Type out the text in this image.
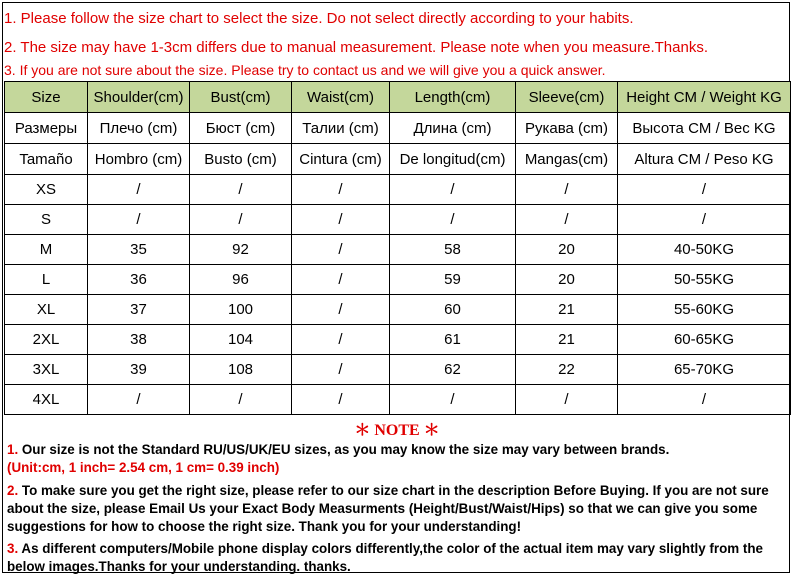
1. Please follow the size chart to select the size. Do not select directly according to your habits.
2. The size may have 1-3cm differs due to manual measurement. Please note when you measure.Thanks.
3. If you are not sure about the size. Please try to contact us and we will give you a quick answer.
Size	Shoulder(cm)	Bust(cm)	Waist(cm)	Length(cm)	Sleeve(cm)	Height CM / Weight KG
Размеры	Плечо (cm)	Бюст (cm)	Талии (cm)	Длина (cm)	Рукава (cm)	Высота CM / Вес KG
Tamaño	Hombro (cm)	Busto (cm)	Cintura (cm)	De longitud(cm)	Mangas(cm)	Altura CM / Peso KG
XS	/	/	/	/	/	/
S	/	/	/	/	/	/
M	35	92	/	58	20	40-50KG
L	36	96	/	59	20	50-55KG
XL	37	100	/	60	21	55-60KG
2XL	38	104	/	61	21	60-65KG
3XL	39	108	/	62	22	65-70KG
4XL	/	/	/	/	/	/
＊ NOTE ＊
1. Our size is not the Standard RU/US/UK/EU sizes, as you may know the size may vary between brands.
(Unit:cm, 1 inch= 2.54 cm, 1 cm= 0.39 inch)
2. To make sure you get the right size, please refer to our size chart in the description Before Buying. If you are not sure about the size, please Email Us your Exact Body Measurments (Height/Bust/Waist/Hips) so that we can give you some suggestions for how to choose the right size. Thank you for your understanding!
3. As different computers/Mobile phone display colors differently,the color of the actual item may vary slightly from the below images.Thanks for your understanding. thanks.
